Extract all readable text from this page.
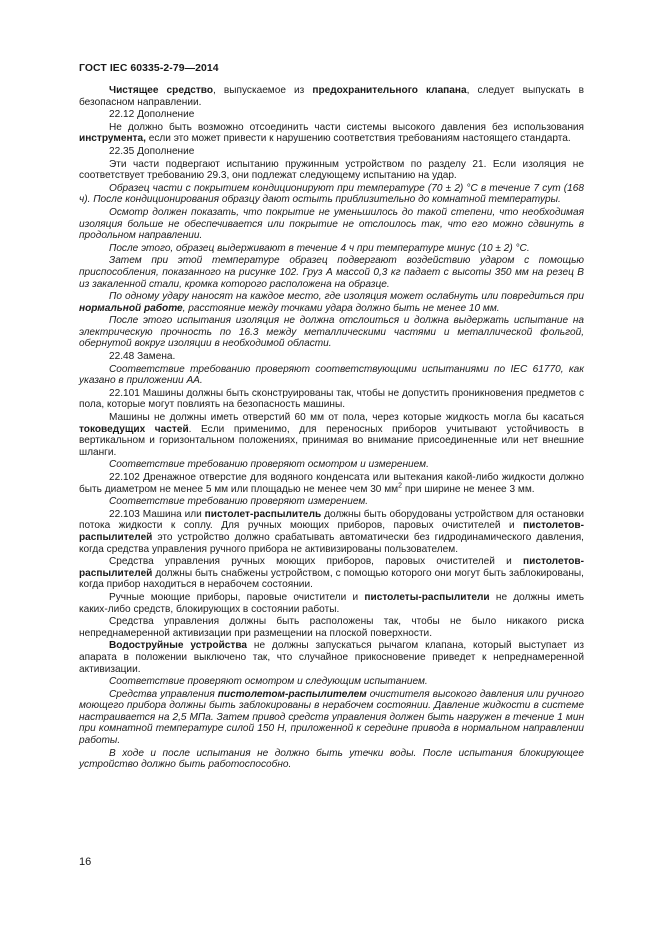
ГОСТ IEC 60335-2-79—2014

Чистящее средство, выпускаемое из предохранительного клапана, следует выпускать в безопасном направлении.

22.12 Дополнение

Не должно быть возможно отсоединить части системы высокого давления без использования инструмента, если это может привести к нарушению соответствия требованиям настоящего стандарта.

22.35 Дополнение

Эти части подвергают испытанию пружинным устройством по разделу 21. Если изоляция не соответствует требованию 29.3, они подлежат следующему испытанию на удар.

Образец части с покрытием кондиционируют при температуре (70 ± 2) °С в течение 7 сут (168 ч). После кондиционирования образцу дают остыть приблизительно до комнатной температуры.

Осмотр должен показать, что покрытие не уменьшилось до такой степени, что необходимая изоляция больше не обеспечивается или покрытие не отслоилось так, что его можно сдвинуть в продольном направлении.

После этого, образец выдерживают в течение 4 ч при температуре минус (10 ± 2) °С.

Затем при этой температуре образец подвергают воздействию ударом с помощью приспособления, показанного на рисунке 102. Груз А массой 0,3 кг падает с высоты 350 мм на резец В из закаленной стали, кромка которого расположена на образце.

По одному удару наносят на каждое место, где изоляция может ослабнуть или повредиться при нормальной работе, расстояние между точками удара должно быть не менее 10 мм.

После этого испытания изоляция не должна отслоиться и должна выдержать испытание на электрическую прочность по 16.3 между металлическими частями и металлической фольгой, обернутой вокруг изоляции в необходимой области.

22.48 Замена.

Соответствие требованию проверяют соответствующими испытаниями по IEC 61770, как указано в приложении АА.

22.101 Машины должны быть сконструированы так, чтобы не допустить проникновения предметов с пола, которые могут повлиять на безопасность машины.

Машины не должны иметь отверстий 60 мм от пола, через которые жидкость могла бы касаться токоведущих частей. Если применимо, для переносных приборов учитывают устойчивость в вертикальном и горизонтальном положениях, принимая во внимание присоединенные или нет внешние шланги.

Соответствие требованию проверяют осмотром и измерением.

22.102 Дренажное отверстие для водяного конденсата или вытекания какой-либо жидкости должно быть диаметром не менее 5 мм или площадью не менее чем 30 $мм^2$ при ширине не менее 3 мм.

Соответствие требованию проверяют измерением.

22.103 Машина или пистолет-распылитель должны быть оборудованы устройством для остановки потока жидкости к соплу. Для ручных моющих приборов, паровых очистителей и пистолетов-распылителей это устройство должно срабатывать автоматически без гидродинамического давления, когда средства управления ручного прибора не активизированы пользователем.

Средства управления ручных моющих приборов, паровых очистителей и пистолетов-распылителей должны быть снабжены устройством, с помощью которого они могут быть заблокированы, когда прибор находиться в нерабочем состоянии.

Ручные моющие приборы, паровые очистители и пистолеты-распылители не должны иметь каких-либо средств, блокирующих в состоянии работы.

Средства управления должны быть расположены так, чтобы не было никакого риска непреднамеренной активизации при размещении на плоской поверхности.

Водоструйные устройства не должны запускаться рычагом клапана, который выступает из апарата в положении выключено так, что случайное прикосновение приведет к непреднамеренной активизации.

Соответствие проверяют осмотром и следующим испытанием.

Средства управления пистолетом-распылителем очистителя высокого давления или ручного моющего прибора должны быть заблокированы в нерабочем состоянии. Давление жидкости в системе настраивается на 2,5 МПа. Затем привод средств управления должен быть нагружен в течение 1 мин при комнатной температуре силой 150 Н, приложенной к середине привода в нормальном направлении работы.

В ходе и после испытания не должно быть утечки воды. После испытания блокирующее устройство должно быть работоспособно.

16
